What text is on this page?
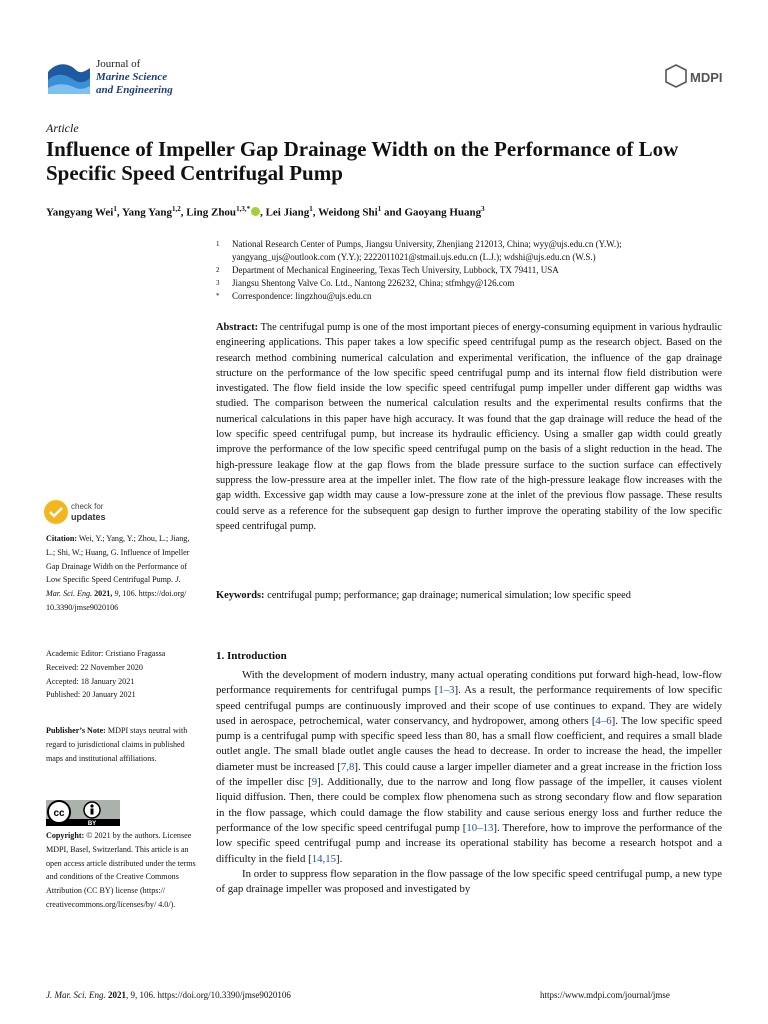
Journal of
Marine Science
and Engineering
MDPI
Article
Influence of Impeller Gap Drainage Width on the Performance of Low Specific Speed Centrifugal Pump
Yangyang Wei$^1$, Yang Yang$^{1,2}$, Ling Zhou$^{1,3,*}$ , Lei Jiang$^1$, Weidong Shi$^1$ and Gaoyang Huang$^3$
1 National Research Center of Pumps, Jiangsu University, Zhenjiang 212013, China; wyy@ujs.edu.cn (Y.W.);
yangyang_ujs@outlook.com (Y.Y.); 2222011021@stmail.ujs.edu.cn (L.J.); wdshi@ujs.edu.cn (W.S.)
2 Department of Mechanical Engineering, Texas Tech University, Lubbock, TX 79411, USA
3 Jiangsu Shentong Valve Co. Ltd., Nantong 226232, China; stfmhgy@126.com
* Correspondence: lingzhou@ujs.edu.cn
Abstract: The centrifugal pump is one of the most important pieces of energy-consuming equipment in various hydraulic engineering applications. This paper takes a low specific speed centrifugal pump as the research object. Based on the research method combining numerical calculation and experimental verification, the influence of the gap drainage structure on the performance of the low specific speed centrifugal pump and its internal flow field distribution were investigated. The flow field inside the low specific speed centrifugal pump impeller under different gap widths was studied. The comparison between the numerical calculation results and the experimental results confirms that the numerical calculations in this paper have high accuracy. It was found that the gap drainage will reduce the head of the low specific speed centrifugal pump, but increase its hydraulic efficiency. Using a smaller gap width could greatly improve the performance of the low specific speed centrifugal pump on the basis of a slight reduction in the head. The high-pressure leakage flow at the gap flows from the blade pressure surface to the suction surface can effectively suppress the low-pressure area at the impeller inlet. The flow rate of the high-pressure leakage flow increases with the gap width. Excessive gap width may cause a low-pressure zone at the inlet of the previous flow passage. These results could serve as a reference for the subsequent gap design to further improve the operating stability of the low specific speed centrifugal pump.
Keywords: centrifugal pump; performance; gap drainage; numerical simulation; low specific speed
check for
updates
Citation: Wei, Y.; Yang, Y.; Zhou, L.; Jiang, L.; Shi, W.; Huang, G. Influence of Impeller Gap Drainage Width on the Performance of Low Specific Speed Centrifugal Pump. J. Mar. Sci. Eng. 2021, 9, 106. https://doi.org/ 10.3390/jmse9020106
Academic Editor: Cristiano Fragassa
Received: 22 November 2020
Accepted: 18 January 2021
Published: 20 January 2021
Publisher’s Note: MDPI stays neutral with regard to jurisdictional claims in published maps and institutional affiliations.
cc
BY
Copyright: © 2021 by the authors. Licensee MDPI, Basel, Switzerland. This article is an open access article distributed under the terms and conditions of the Creative Commons Attribution (CC BY) license (https:// creativecommons.org/licenses/by/ 4.0/).
1. Introduction

With the development of modern industry, many actual operating conditions put forward high-head, low-flow performance requirements for centrifugal pumps [1–3]. As a result, the performance requirements of low specific speed centrifugal pumps are continuously improved and their scope of use continues to expand. They are widely used in aerospace, petrochemical, water conservancy, and hydropower, among others [4–6]. The low specific speed pump is a centrifugal pump with specific speed less than 80, has a small flow coefficient, and requires a small blade outlet angle. The small blade outlet angle causes the head to decrease. In order to increase the head, the impeller diameter must be increased [7,8]. This could cause a larger impeller diameter and a great increase in the friction loss of the impeller disc [9]. Additionally, due to the narrow and long flow passage of the impeller, it causes violent liquid diffusion. Then, there could be complex flow phenomena such as strong secondary flow and flow separation in the flow passage, which could damage the flow stability and cause serious energy loss and further reduce the performance of the low specific speed centrifugal pump [10–13]. Therefore, how to improve the performance of the low specific speed centrifugal pump and increase its operational stability has become a research hotspot and a difficulty in the field [14,15].

In order to suppress flow separation in the flow passage of the low specific speed centrifugal pump, a new type of gap drainage impeller was proposed and investigated by

J. Mar. Sci. Eng. 2021, 9, 106. https://doi.org/10.3390/jmse9020106	https://www.mdpi.com/journal/jmse
